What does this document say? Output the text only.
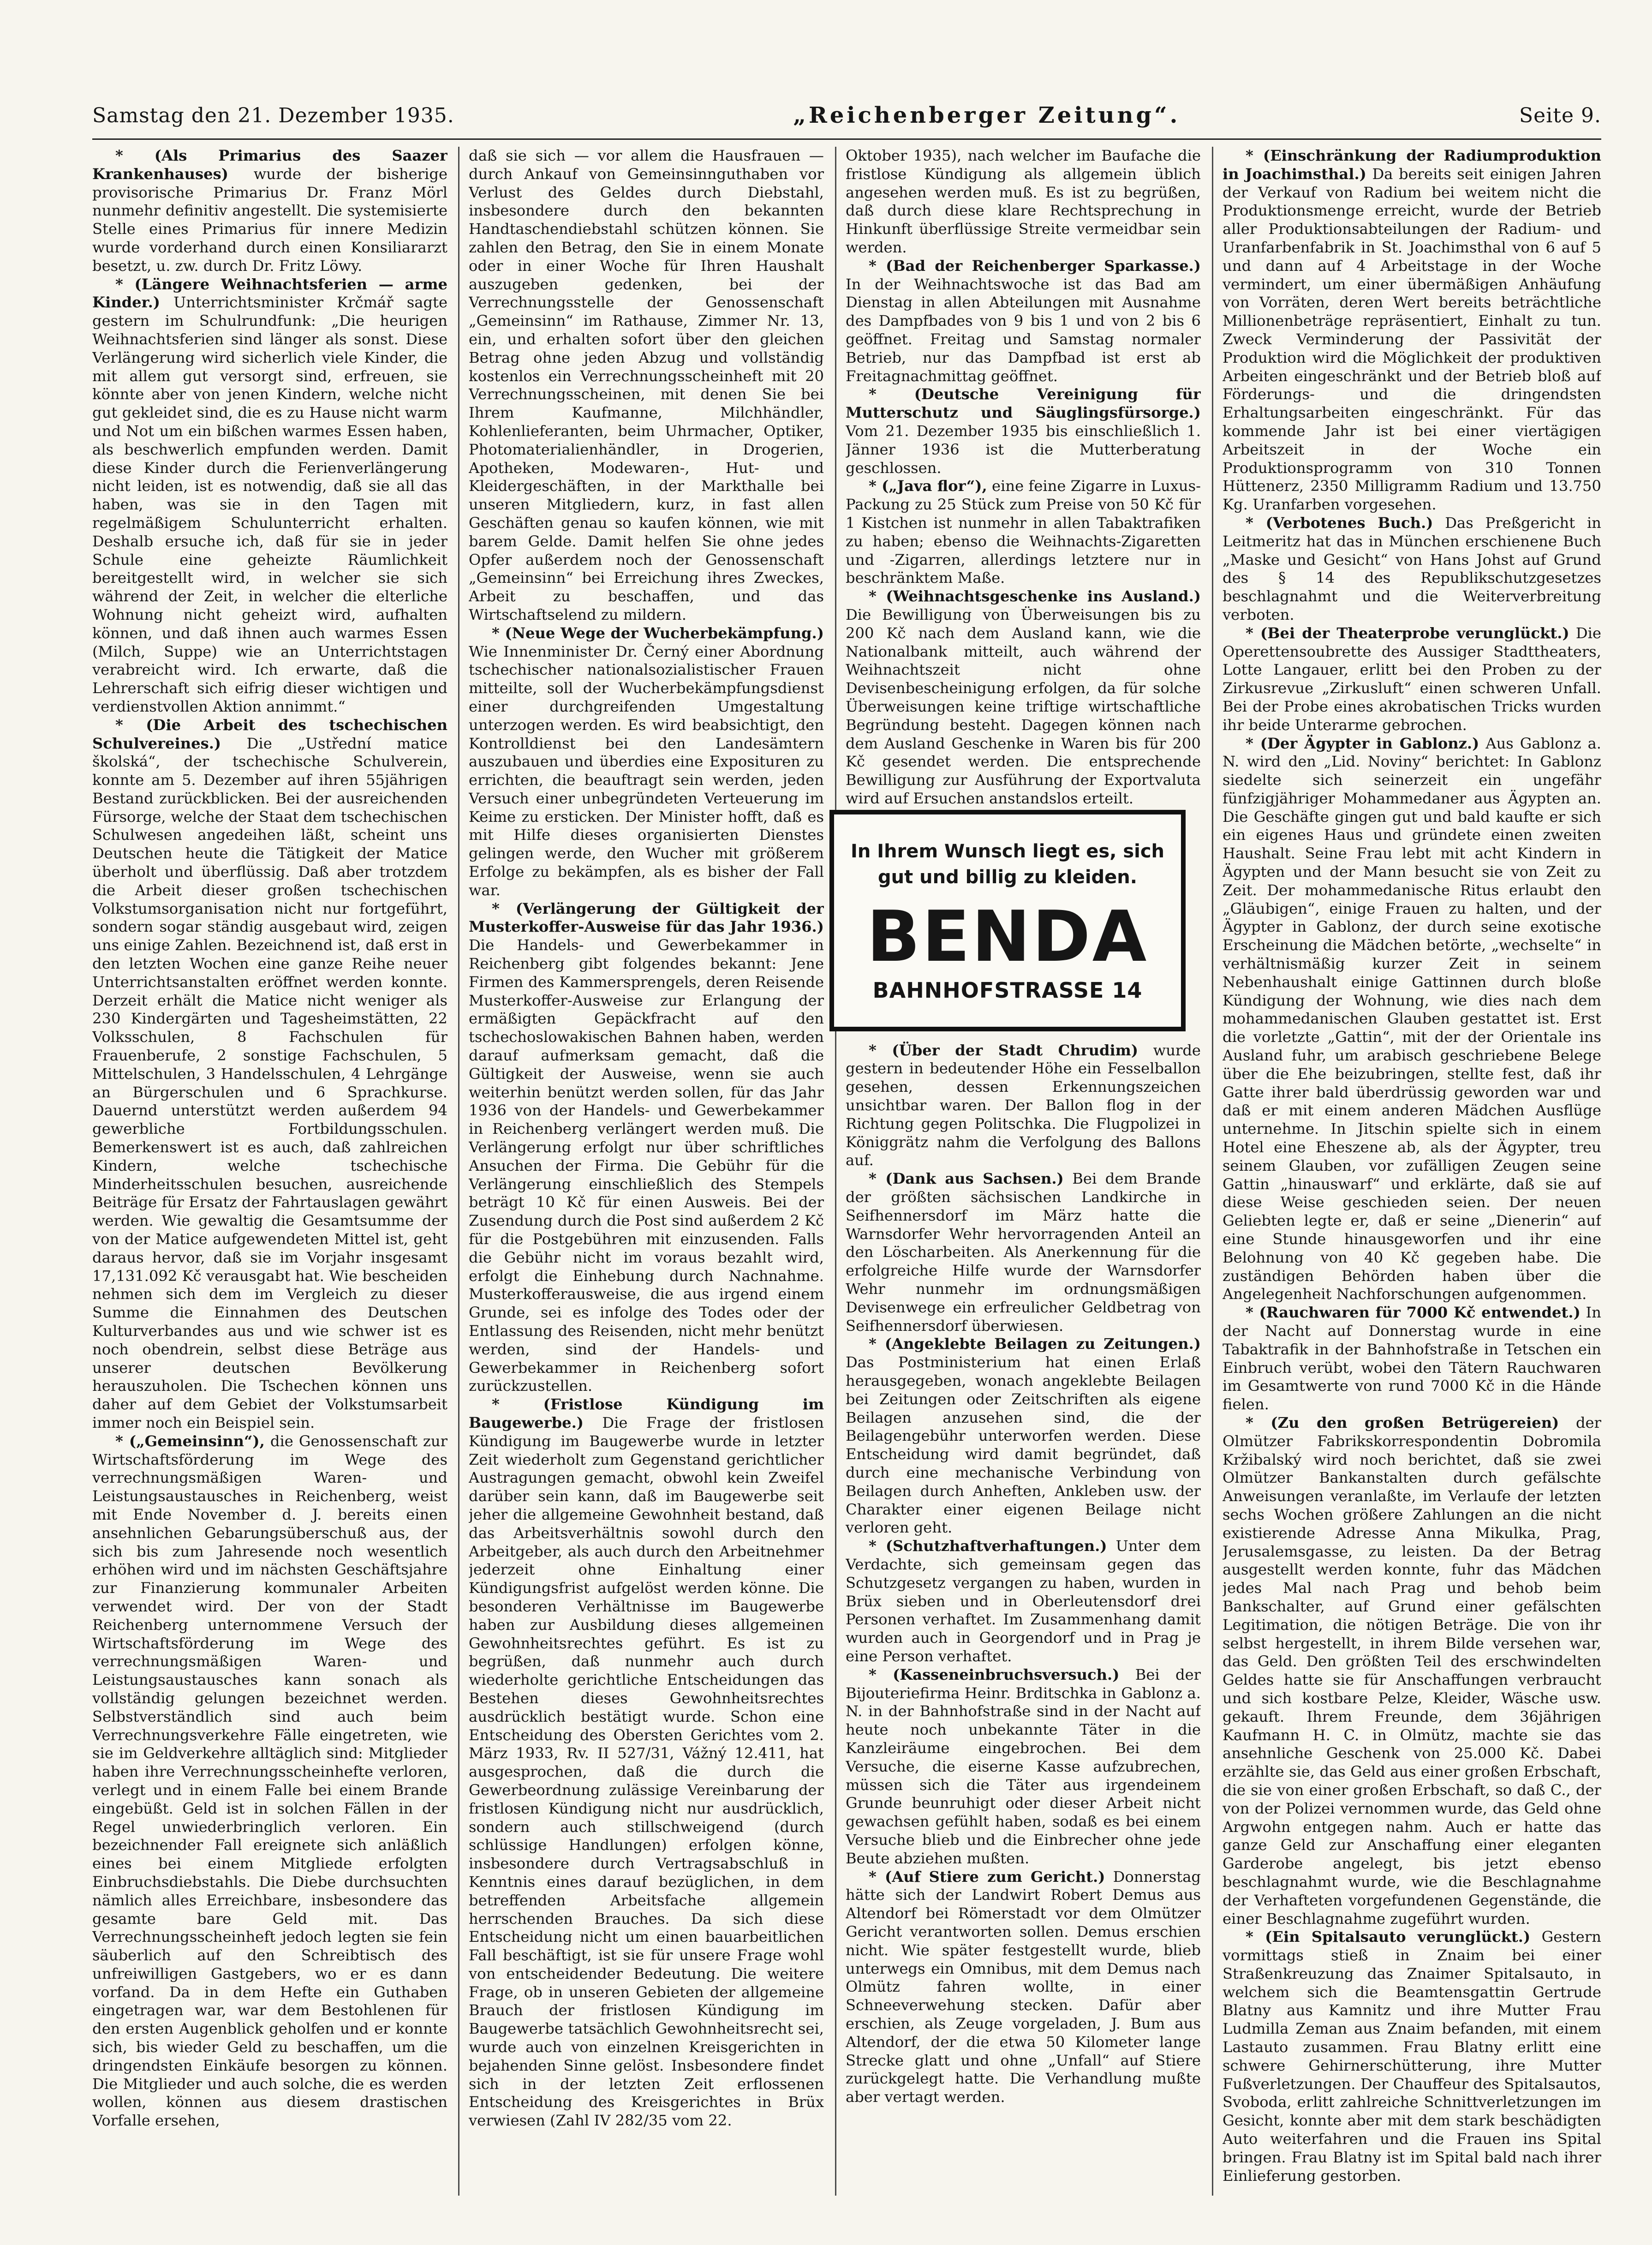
Samstag den 21. Dezember 1935.	„Reichenberger Zeitung“.	Seite 9.

* (Als Primarius des Saazer Krankenhauses) wurde der bisherige provisorische Primarius Dr. Franz Mörl nunmehr definitiv angestellt. Die systemisierte Stelle eines Primarius für innere Medizin wurde vorderhand durch einen Konsiliararzt besetzt, u. zw. durch Dr. Fritz Löwy.

* (Längere Weihnachtsferien — arme Kinder.) Unterrichtsminister Krčmář sagte gestern im Schulrundfunk: „Die heurigen Weihnachtsferien sind länger als sonst. Diese Verlängerung wird sicherlich viele Kinder, die mit allem gut versorgt sind, erfreuen, sie könnte aber von jenen Kindern, welche nicht gut gekleidet sind, die es zu Hause nicht warm und Not um ein bißchen warmes Essen haben, als beschwerlich empfunden werden. Damit diese Kinder durch die Ferienverlängerung nicht leiden, ist es notwendig, daß sie all das haben, was sie in den Tagen mit regelmäßigem Schulunterricht erhalten. Deshalb ersuche ich, daß für sie in jeder Schule eine geheizte Räumlichkeit bereitgestellt wird, in welcher sie sich während der Zeit, in welcher die elterliche Wohnung nicht geheizt wird, aufhalten können, und daß ihnen auch warmes Essen (Milch, Suppe) wie an Unterrichtstagen verabreicht wird. Ich erwarte, daß die Lehrerschaft sich eifrig dieser wichtigen und verdienstvollen Aktion annimmt.“

* (Die Arbeit des tschechischen Schulvereines.) Die „Ustřední matice školská“, der tschechische Schulverein, konnte am 5. Dezember auf ihren 55jährigen Bestand zurückblicken. Bei der ausreichenden Fürsorge, welche der Staat dem tschechischen Schulwesen angedeihen läßt, scheint uns Deutschen heute die Tätigkeit der Matice überholt und überflüssig. Daß aber trotzdem die Arbeit dieser großen tschechischen Volkstumsorganisation nicht nur fortgeführt, sondern sogar ständig ausgebaut wird, zeigen uns einige Zahlen. Bezeichnend ist, daß erst in den letzten Wochen eine ganze Reihe neuer Unterrichtsanstalten eröffnet werden konnte. Derzeit erhält die Matice nicht weniger als 230 Kindergärten und Tagesheimstätten, 22 Volksschulen, 8 Fachschulen für Frauenberufe, 2 sonstige Fachschulen, 5 Mittelschulen, 3 Handelsschulen, 4 Lehrgänge an Bürgerschulen und 6 Sprachkurse. Dauernd unterstützt werden außerdem 94 gewerbliche Fortbildungsschulen. Bemerkenswert ist es auch, daß zahlreichen Kindern, welche tschechische Minderheitsschulen besuchen, ausreichende Beiträge für Ersatz der Fahrtauslagen gewährt werden. Wie gewaltig die Gesamtsumme der von der Matice aufgewendeten Mittel ist, geht daraus hervor, daß sie im Vorjahr insgesamt 17,131.092 Kč verausgabt hat. Wie bescheiden nehmen sich dem im Vergleich zu dieser Summe die Einnahmen des Deutschen Kulturverbandes aus und wie schwer ist es noch obendrein, selbst diese Beträge aus unserer deutschen Bevölkerung herauszuholen. Die Tschechen können uns daher auf dem Gebiet der Volkstumsarbeit immer noch ein Beispiel sein.

* („Gemeinsinn“), die Genossenschaft zur Wirtschaftsförderung im Wege des verrechnungsmäßigen Waren- und Leistungsaustausches in Reichenberg, weist mit Ende November d. J. bereits einen ansehnlichen Gebarungsüberschuß aus, der sich bis zum Jahresende noch wesentlich erhöhen wird und im nächsten Geschäftsjahre zur Finanzierung kommunaler Arbeiten verwendet wird. Der von der Stadt Reichenberg unternommene Versuch der Wirtschaftsförderung im Wege des verrechnungsmäßigen Waren- und Leistungsaustausches kann sonach als vollständig gelungen bezeichnet werden. Selbstverständlich sind auch beim Verrechnungsverkehre Fälle eingetreten, wie sie im Geldverkehre alltäglich sind: Mitglieder haben ihre Verrechnungsscheinhefte verloren, verlegt und in einem Falle bei einem Brande eingebüßt. Geld ist in solchen Fällen in der Regel unwiederbringlich verloren. Ein bezeichnender Fall ereignete sich anläßlich eines bei einem Mitgliede erfolgten Einbruchsdiebstahls. Die Diebe durchsuchten nämlich alles Erreichbare, insbesondere das gesamte bare Geld mit. Das Verrechnungsscheinheft jedoch legten sie fein säuberlich auf den Schreibtisch des unfreiwilligen Gastgebers, wo er es dann vorfand. Da in dem Hefte ein Guthaben eingetragen war, war dem Bestohlenen für den ersten Augenblick geholfen und er konnte sich, bis wieder Geld zu beschaffen, um die dringendsten Einkäufe besorgen zu können. Die Mitglieder und auch solche, die es werden wollen, können aus diesem drastischen Vorfalle ersehen,

daß sie sich — vor allem die Hausfrauen — durch Ankauf von Gemeinsinnguthaben vor Verlust des Geldes durch Diebstahl, insbesondere durch den bekannten Handtaschendiebstahl schützen können. Sie zahlen den Betrag, den Sie in einem Monate oder in einer Woche für Ihren Haushalt auszugeben gedenken, bei der Verrechnungsstelle der Genossenschaft „Gemeinsinn“ im Rathause, Zimmer Nr. 13, ein, und erhalten sofort über den gleichen Betrag ohne jeden Abzug und vollständig kostenlos ein Verrechnungsscheinheft mit 20 Verrechnungsscheinen, mit denen Sie bei Ihrem Kaufmanne, Milchhändler, Kohlenlieferanten, beim Uhrmacher, Optiker, Photomaterialienhändler, in Drogerien, Apotheken, Modewaren-, Hut- und Kleidergeschäften, in der Markthalle bei unseren Mitgliedern, kurz, in fast allen Geschäften genau so kaufen können, wie mit barem Gelde. Damit helfen Sie ohne jedes Opfer außerdem noch der Genossenschaft „Gemeinsinn“ bei Erreichung ihres Zweckes, Arbeit zu beschaffen, und das Wirtschaftselend zu mildern.

* (Neue Wege der Wucherbekämpfung.) Wie Innenminister Dr. Černý einer Abordnung tschechischer nationalsozialistischer Frauen mitteilte, soll der Wucherbekämpfungsdienst einer durchgreifenden Umgestaltung unterzogen werden. Es wird beabsichtigt, den Kontrolldienst bei den Landesämtern auszubauen und überdies eine Exposituren zu errichten, die beauftragt sein werden, jeden Versuch einer unbegründeten Verteuerung im Keime zu ersticken. Der Minister hofft, daß es mit Hilfe dieses organisierten Dienstes gelingen werde, den Wucher mit größerem Erfolge zu bekämpfen, als es bisher der Fall war.

* (Verlängerung der Gültigkeit der Musterkoffer-Ausweise für das Jahr 1936.) Die Handels- und Gewerbekammer in Reichenberg gibt folgendes bekannt: Jene Firmen des Kammersprengels, deren Reisende Musterkoffer-Ausweise zur Erlangung der ermäßigten Gepäckfracht auf den tschechoslowakischen Bahnen haben, werden darauf aufmerksam gemacht, daß die Gültigkeit der Ausweise, wenn sie auch weiterhin benützt werden sollen, für das Jahr 1936 von der Handels- und Gewerbekammer in Reichenberg verlängert werden muß. Die Verlängerung erfolgt nur über schriftliches Ansuchen der Firma. Die Gebühr für die Verlängerung einschließlich des Stempels beträgt 10 Kč für einen Ausweis. Bei der Zusendung durch die Post sind außerdem 2 Kč für die Postgebühren mit einzusenden. Falls die Gebühr nicht im voraus bezahlt wird, erfolgt die Einhebung durch Nachnahme. Musterkofferausweise, die aus irgend einem Grunde, sei es infolge des Todes oder der Entlassung des Reisenden, nicht mehr benützt werden, sind der Handels- und Gewerbekammer in Reichenberg sofort zurückzustellen.

* (Fristlose Kündigung im Baugewerbe.) Die Frage der fristlosen Kündigung im Baugewerbe wurde in letzter Zeit wiederholt zum Gegenstand gerichtlicher Austragungen gemacht, obwohl kein Zweifel darüber sein kann, daß im Baugewerbe seit jeher die allgemeine Gewohnheit bestand, daß das Arbeitsverhältnis sowohl durch den Arbeitgeber, als auch durch den Arbeitnehmer jederzeit ohne Einhaltung einer Kündigungsfrist aufgelöst werden könne. Die besonderen Verhältnisse im Baugewerbe haben zur Ausbildung dieses allgemeinen Gewohnheitsrechtes geführt. Es ist zu begrüßen, daß nunmehr auch durch wiederholte gerichtliche Entscheidungen das Bestehen dieses Gewohnheitsrechtes ausdrücklich bestätigt wurde. Schon eine Entscheidung des Obersten Gerichtes vom 2. März 1933, Rv. II 527/31, Vážný 12.411, hat ausgesprochen, daß die durch die Gewerbeordnung zulässige Vereinbarung der fristlosen Kündigung nicht nur ausdrücklich, sondern auch stillschweigend (durch schlüssige Handlungen) erfolgen könne, insbesondere durch Vertragsabschluß in Kenntnis eines darauf bezüglichen, in dem betreffenden Arbeitsfache allgemein herrschenden Brauches. Da sich diese Entscheidung nicht um einen bauarbeitlichen Fall beschäftigt, ist sie für unsere Frage wohl von entscheidender Bedeutung. Die weitere Frage, ob in unseren Gebieten der allgemeine Brauch der fristlosen Kündigung im Baugewerbe tatsächlich Gewohnheitsrecht sei, wurde auch von einzelnen Kreisgerichten in bejahenden Sinne gelöst. Insbesondere findet sich in der letzten Zeit erflossenen Entscheidung des Kreisgerichtes in Brüx verwiesen (Zahl IV 282/35 vom 22.

Oktober 1935), nach welcher im Baufache die fristlose Kündigung als allgemein üblich angesehen werden muß. Es ist zu begrüßen, daß durch diese klare Rechtsprechung in Hinkunft überflüssige Streite vermeidbar sein werden.

* (Bad der Reichenberger Sparkasse.) In der Weihnachtswoche ist das Bad am Dienstag in allen Abteilungen mit Ausnahme des Dampfbades von 9 bis 1 und von 2 bis 6 geöffnet. Freitag und Samstag normaler Betrieb, nur das Dampfbad ist erst ab Freitagnachmittag geöffnet.

* (Deutsche Vereinigung für Mutterschutz und Säuglingsfürsorge.) Vom 21. Dezember 1935 bis einschließlich 1. Jänner 1936 ist die Mutterberatung geschlossen.

* („Java flor“), eine feine Zigarre in Luxus-Packung zu 25 Stück zum Preise von 50 Kč für 1 Kistchen ist nunmehr in allen Tabaktrafiken zu haben; ebenso die Weihnachts-Zigaretten und -Zigarren, allerdings letztere nur in beschränktem Maße.

* (Weihnachtsgeschenke ins Ausland.) Die Bewilligung von Überweisungen bis zu 200 Kč nach dem Ausland kann, wie die Nationalbank mitteilt, auch während der Weihnachtszeit nicht ohne Devisenbescheinigung erfolgen, da für solche Überweisungen keine triftige wirtschaftliche Begründung besteht. Dagegen können nach dem Ausland Geschenke in Waren bis für 200 Kč gesendet werden. Die entsprechende Bewilligung zur Ausführung der Exportvaluta wird auf Ersuchen anstandslos erteilt.

* (Über der Stadt Chrudim) wurde gestern in bedeutender Höhe ein Fesselballon gesehen, dessen Erkennungszeichen unsichtbar waren. Der Ballon flog in der Richtung gegen Politschka. Die Flugpolizei in Königgrätz nahm die Verfolgung des Ballons auf.

* (Dank aus Sachsen.) Bei dem Brande der größten sächsischen Landkirche in Seifhennersdorf im März hatte die Warnsdorfer Wehr hervorragenden Anteil an den Löscharbeiten. Als Anerkennung für die erfolgreiche Hilfe wurde der Warnsdorfer Wehr nunmehr im ordnungsmäßigen Devisenwege ein erfreulicher Geldbetrag von Seifhennersdorf überwiesen.

* (Angeklebte Beilagen zu Zeitungen.) Das Postministerium hat einen Erlaß herausgegeben, wonach angeklebte Beilagen bei Zeitungen oder Zeitschriften als eigene Beilagen anzusehen sind, die der Beilagengebühr unterworfen werden. Diese Entscheidung wird damit begründet, daß durch eine mechanische Verbindung von Beilagen durch Anheften, Ankleben usw. der Charakter einer eigenen Beilage nicht verloren geht.

* (Schutzhaftverhaftungen.) Unter dem Verdachte, sich gemeinsam gegen das Schutzgesetz vergangen zu haben, wurden in Brüx sieben und in Oberleutensdorf drei Personen verhaftet. Im Zusammenhang damit wurden auch in Georgendorf und in Prag je eine Person verhaftet.

* (Kasseneinbruchsversuch.) Bei der Bijouteriefirma Heinr. Brditschka in Gablonz a. N. in der Bahnhofstraße sind in der Nacht auf heute noch unbekannte Täter in die Kanzleiräume eingebrochen. Bei dem Versuche, die eiserne Kasse aufzubrechen, müssen sich die Täter aus irgendeinem Grunde beunruhigt oder dieser Arbeit nicht gewachsen gefühlt haben, sodaß es bei einem Versuche blieb und die Einbrecher ohne jede Beute abziehen mußten.

* (Auf Stiere zum Gericht.) Donnerstag hätte sich der Landwirt Robert Demus aus Altendorf bei Römerstadt vor dem Olmützer Gericht verantworten sollen. Demus erschien nicht. Wie später festgestellt wurde, blieb unterwegs ein Omnibus, mit dem Demus nach Olmütz fahren wollte, in einer Schneeverwehung stecken. Dafür aber erschien, als Zeuge vorgeladen, J. Bum aus Altendorf, der die etwa 50 Kilometer lange Strecke glatt und ohne „Unfall“ auf Stiere zurückgelegt hatte. Die Verhandlung mußte aber vertagt werden.

* (Einschränkung der Radiumproduktion in Joachimsthal.) Da bereits seit einigen Jahren der Verkauf von Radium bei weitem nicht die Produktionsmenge erreicht, wurde der Betrieb aller Produktionsabteilungen der Radium- und Uranfarbenfabrik in St. Joachimsthal von 6 auf 5 und dann auf 4 Arbeitstage in der Woche vermindert, um einer übermäßigen Anhäufung von Vorräten, deren Wert bereits beträchtliche Millionenbeträge repräsentiert, Einhalt zu tun. Zweck Verminderung der Passivität der Produktion wird die Möglichkeit der produktiven Arbeiten eingeschränkt und der Betrieb bloß auf Förderungs- und die dringendsten Erhaltungsarbeiten eingeschränkt. Für das kommende Jahr ist bei einer viertägigen Arbeitszeit in der Woche ein Produktionsprogramm von 310 Tonnen Hüttenerz, 2350 Milligramm Radium und 13.750 Kg. Uranfarben vorgesehen.

* (Verbotenes Buch.) Das Preßgericht in Leitmeritz hat das in München erschienene Buch „Maske und Gesicht“ von Hans Johst auf Grund des § 14 des Republikschutzgesetzes beschlagnahmt und die Weiterverbreitung verboten.

* (Bei der Theaterprobe verunglückt.) Die Operettensoubrette des Aussiger Stadttheaters, Lotte Langauer, erlitt bei den Proben zu der Zirkusrevue „Zirkusluft“ einen schweren Unfall. Bei der Probe eines akrobatischen Tricks wurden ihr beide Unterarme gebrochen.

* (Der Ägypter in Gablonz.) Aus Gablonz a. N. wird den „Lid. Noviny“ berichtet: In Gablonz siedelte sich seinerzeit ein ungefähr fünfzigjähriger Mohammedaner aus Ägypten an. Die Geschäfte gingen gut und bald kaufte er sich ein eigenes Haus und gründete einen zweiten Haushalt. Seine Frau lebt mit acht Kindern in Ägypten und der Mann besucht sie von Zeit zu Zeit. Der mohammedanische Ritus erlaubt den „Gläubigen“, einige Frauen zu halten, und der Ägypter in Gablonz, der durch seine exotische Erscheinung die Mädchen betörte, „wechselte“ in verhältnismäßig kurzer Zeit in seinem Nebenhaushalt einige Gattinnen durch bloße Kündigung der Wohnung, wie dies nach dem mohammedanischen Glauben gestattet ist. Erst die vorletzte „Gattin“, mit der der Orientale ins Ausland fuhr, um arabisch geschriebene Belege über die Ehe beizubringen, stellte fest, daß ihr Gatte ihrer bald überdrüssig geworden war und daß er mit einem anderen Mädchen Ausflüge unternehme. In Jitschin spielte sich in einem Hotel eine Eheszene ab, als der Ägypter, treu seinem Glauben, vor zufälligen Zeugen seine Gattin „hinauswarf“ und erklärte, daß sie auf diese Weise geschieden seien. Der neuen Geliebten legte er, daß er seine „Dienerin“ auf eine Stunde hinausgeworfen und ihr eine Belohnung von 40 Kč gegeben habe. Die zuständigen Behörden haben über die Angelegenheit Nachforschungen aufgenommen.

* (Rauchwaren für 7000 Kč entwendet.) In der Nacht auf Donnerstag wurde in eine Tabaktrafik in der Bahnhofstraße in Tetschen ein Einbruch verübt, wobei den Tätern Rauchwaren im Gesamtwerte von rund 7000 Kč in die Hände fielen.

* (Zu den großen Betrügereien) der Olmützer Fabrikskorrespondentin Dobromila Kržibalský wird noch berichtet, daß sie zwei Olmützer Bankanstalten durch gefälschte Anweisungen veranlaßte, im Verlaufe der letzten sechs Wochen größere Zahlungen an die nicht existierende Adresse Anna Mikulka, Prag, Jerusalemsgasse, zu leisten. Da der Betrag ausgestellt werden konnte, fuhr das Mädchen jedes Mal nach Prag und behob beim Bankschalter, auf Grund einer gefälschten Legitimation, die nötigen Beträge. Die von ihr selbst hergestellt, in ihrem Bilde versehen war, das Geld. Den größten Teil des erschwindelten Geldes hatte sie für Anschaffungen verbraucht und sich kostbare Pelze, Kleider, Wäsche usw. gekauft. Ihrem Freunde, dem 36jährigen Kaufmann H. C. in Olmütz, machte sie das ansehnliche Geschenk von 25.000 Kč. Dabei erzählte sie, das Geld aus einer großen Erbschaft, die sie von einer großen Erbschaft, so daß C., der von der Polizei vernommen wurde, das Geld ohne Argwohn entgegen nahm. Auch er hatte das ganze Geld zur Anschaffung einer eleganten Garderobe angelegt, bis jetzt ebenso beschlagnahmt wurde, wie die Beschlagnahme der Verhafteten vorgefundenen Gegenstände, die einer Beschlagnahme zugeführt wurden.

* (Ein Spitalsauto verunglückt.) Gestern vormittags stieß in Znaim bei einer Straßenkreuzung das Znaimer Spitalsauto, in welchem sich die Beamtensgattin Gertrude Blatny aus Kamnitz und ihre Mutter Frau Ludmilla Zeman aus Znaim befanden, mit einem Lastauto zusammen. Frau Blatny erlitt eine schwere Gehirnerschütterung, ihre Mutter Fußverletzungen. Der Chauffeur des Spitalsautos, Svoboda, erlitt zahlreiche Schnittverletzungen im Gesicht, konnte aber mit dem stark beschädigten Auto weiterfahren und die Frauen ins Spital bringen. Frau Blatny ist im Spital bald nach ihrer Einlieferung gestorben.

In Ihrem Wunsch liegt es, sich
gut und billig zu kleiden.
BENDA
BAHNHOFSTRASSE 14
